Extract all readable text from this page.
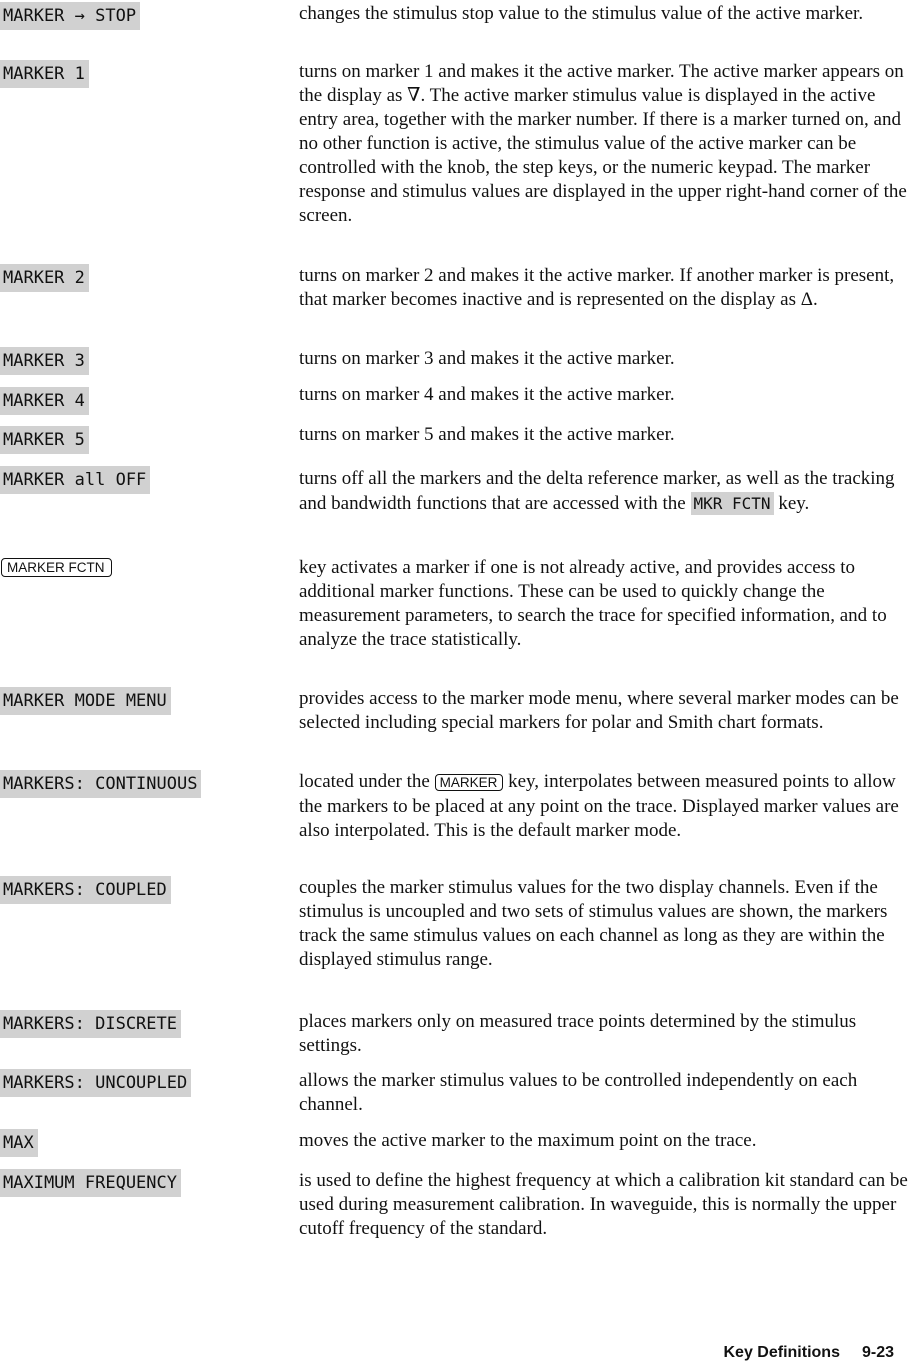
MARKER → STOP	changes the stimulus stop value to the stimulus value of the active marker.

MARKER 1	turns on marker 1 and makes it the active marker. The active marker appears on the display as ∇. The active marker stimulus value is displayed in the active entry area, together with the marker number. If there is a marker turned on, and no other function is active, the stimulus value of the active marker can be controlled with the knob, the step keys, or the numeric keypad. The marker response and stimulus values are displayed in the upper right-hand corner of the screen.

MARKER 2	turns on marker 2 and makes it the active marker. If another marker is present, that marker becomes inactive and is represented on the display as Δ.

MARKER 3	turns on marker 3 and makes it the active marker.

MARKER 4	turns on marker 4 and makes it the active marker.

MARKER 5	turns on marker 5 and makes it the active marker.

MARKER all OFF	turns off all the markers and the delta reference marker, as well as the tracking and bandwidth functions that are accessed with the MKR FCTN key.

MARKER FCTN	key activates a marker if one is not already active, and provides access to additional marker functions. These can be used to quickly change the measurement parameters, to search the trace for specified information, and to analyze the trace statistically.

MARKER MODE MENU	provides access to the marker mode menu, where several marker modes can be selected including special markers for polar and Smith chart formats.

MARKERS: CONTINUOUS	located under the MARKER key, interpolates between measured points to allow the markers to be placed at any point on the trace. Displayed marker values are also interpolated. This is the default marker mode.

MARKERS: COUPLED	couples the marker stimulus values for the two display channels. Even if the stimulus is uncoupled and two sets of stimulus values are shown, the markers track the same stimulus values on each channel as long as they are within the displayed stimulus range.

MARKERS: DISCRETE	places markers only on measured trace points determined by the stimulus settings.

MARKERS: UNCOUPLED	allows the marker stimulus values to be controlled independently on each channel.

MAX	moves the active marker to the maximum point on the trace.

MAXIMUM FREQUENCY	is used to define the highest frequency at which a calibration kit standard can be used during measurement calibration. In waveguide, this is normally the upper cutoff frequency of the standard.

Key Definitions 9-23
